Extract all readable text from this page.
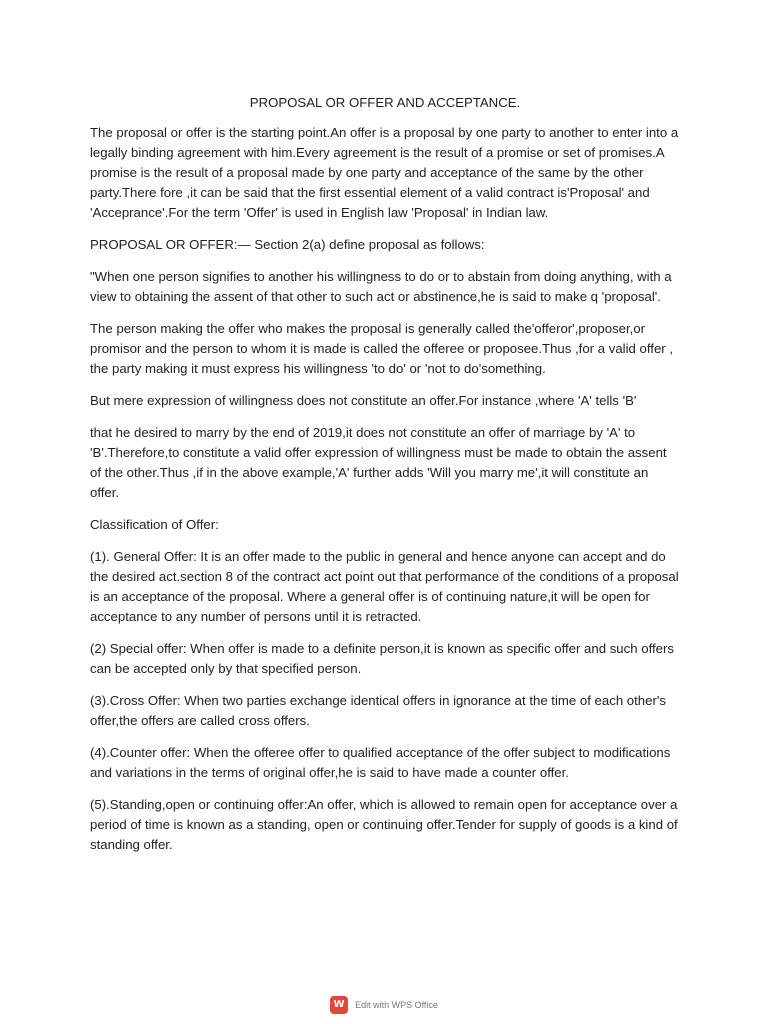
PROPOSAL OR OFFER AND ACCEPTANCE.

The proposal or offer is the starting point.An offer is a proposal by one party to another to enter into a legally binding agreement with him.Every agreement is the result of a promise or set of promises.A promise is the result of a proposal made by one party and acceptance of the same by the other party.There fore ,it can be said that the first essential element of a valid contract is'Proposal' and 'Acceprance'.For the term 'Offer' is used in English law 'Proposal' in Indian law.

PROPOSAL OR OFFER:— Section 2(a) define proposal as follows:

"When one person signifies to another his willingness to do or to abstain from doing anything, with a view to obtaining the assent of that other to such act or abstinence,he is said to make q 'proposal'.

The person making the offer who makes the proposal is generally called the'offeror',proposer,or promisor and the person to whom it is made is called the offeree or proposee.Thus ,for a valid offer , the party making it must express his willingness 'to do' or 'not to do'something.

But mere expression of willingness does not constitute an offer.For instance ,where 'A' tells 'B'

that he desired to marry by the end of 2019,it does not constitute an offer of marriage by 'A' to 'B'.Therefore,to constitute a valid offer expression of willingness must be made to obtain the assent of the other.Thus ,if in the above example,'A' further adds 'Will you marry me',it will constitute an offer.

Classification of Offer:

(1). General Offer: It is an offer made to the public in general and hence anyone can accept and do the desired act.section 8 of the contract act point out that performance of the conditions of a proposal is an acceptance of the proposal. Where a general offer is of continuing nature,it will be open for acceptance to any number of persons until it is retracted.

(2) Special offer: When offer is made to a definite person,it is known as specific offer and such offers can be accepted only by that specified person.

(3).Cross Offer: When two parties exchange identical offers in ignorance at the time of each other's offer,the offers are called cross offers.

(4).Counter offer: When the offeree offer to qualified acceptance of the offer subject to modifications and variations in the terms of original offer,he is said to have made a counter offer.

(5).Standing,open or continuing offer:An offer, which is allowed to remain open for acceptance over a period of time is known as a standing, open or continuing offer.Tender for supply of goods is a kind of standing offer.

W	Edit with WPS Office
